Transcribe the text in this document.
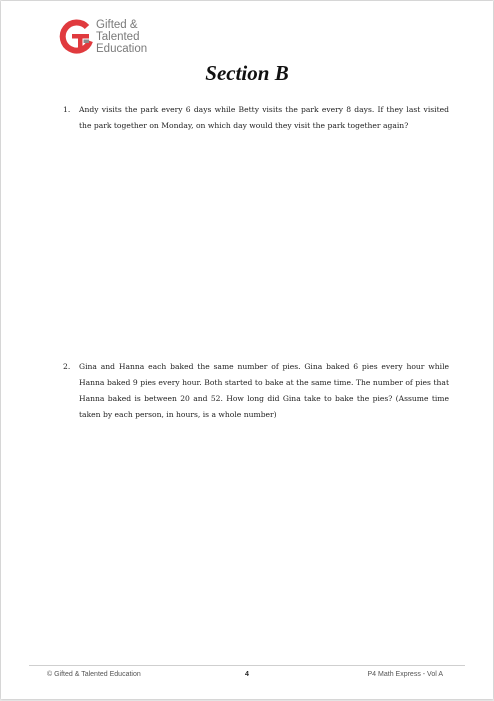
Gifted &
Talented
Education
Section B
1.	Andy visits the park every 6 days while Betty visits the park every 8 days. If they last visited the park together on Monday, on which day would they visit the park together again?
2.	Gina and Hanna each baked the same number of pies. Gina baked 6 pies every hour while Hanna baked 9 pies every hour. Both started to bake at the same time. The number of pies that Hanna baked is between 20 and 52. How long did Gina take to bake the pies? (Assume time taken by each person, in hours, is a whole number)
© Gifted & Talented Education	4	P4 Math Express - Vol A
